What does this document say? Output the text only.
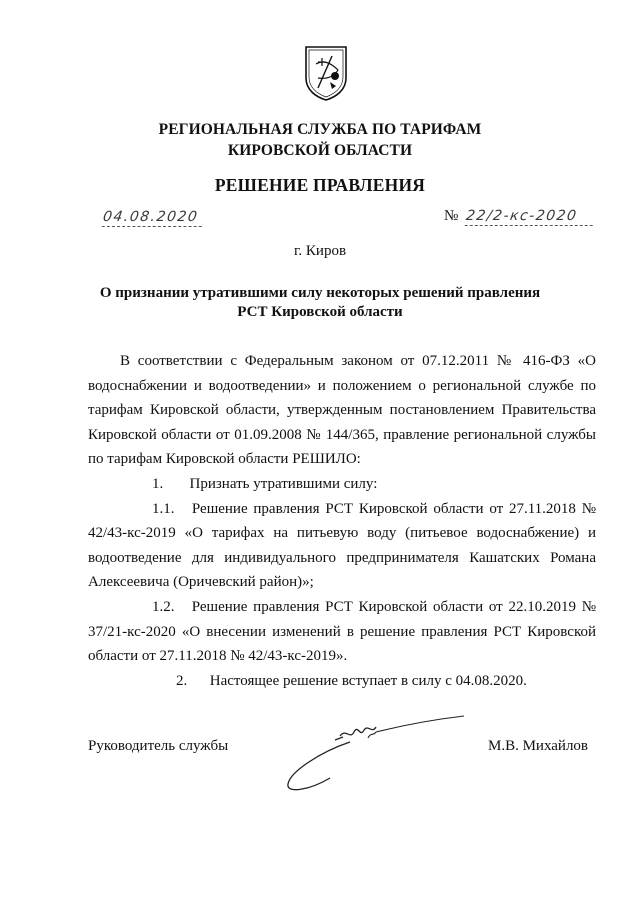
РЕГИОНАЛЬНАЯ СЛУЖБА ПО ТАРИФАМ
КИРОВСКОЙ ОБЛАСТИ
РЕШЕНИЕ ПРАВЛЕНИЯ
04.08.2020	№ 22/2-кс-2020
г. Киров
О признании утратившими силу некоторых решений правления
РСТ Кировской области

В соответствии с Федеральным законом от 07.12.2011 № 416-ФЗ «О водоснабжении и водоотведении» и положением о региональной службе по тарифам Кировской области, утвержденным постановлением Правительства Кировской области от 01.09.2008 № 144/365, правление региональной службы по тарифам Кировской области РЕШИЛО:

1. Признать утратившими силу:

1.1. Решение правления РСТ Кировской области от 27.11.2018 № 42/43-кс-2019 «О тарифах на питьевую воду (питьевое водоснабжение) и водоотведение для индивидуального предпринимателя Кашатских Романа Алексеевича (Оричевский район)»;

1.2. Решение правления РСТ Кировской области от 22.10.2019 № 37/21-кс-2020 «О внесении изменений в решение правления РСТ Кировской области от 27.11.2018 № 42/43-кс-2019».

2. Настоящее решение вступает в силу с 04.08.2020.

Руководитель службы	М.В. Михайлов
